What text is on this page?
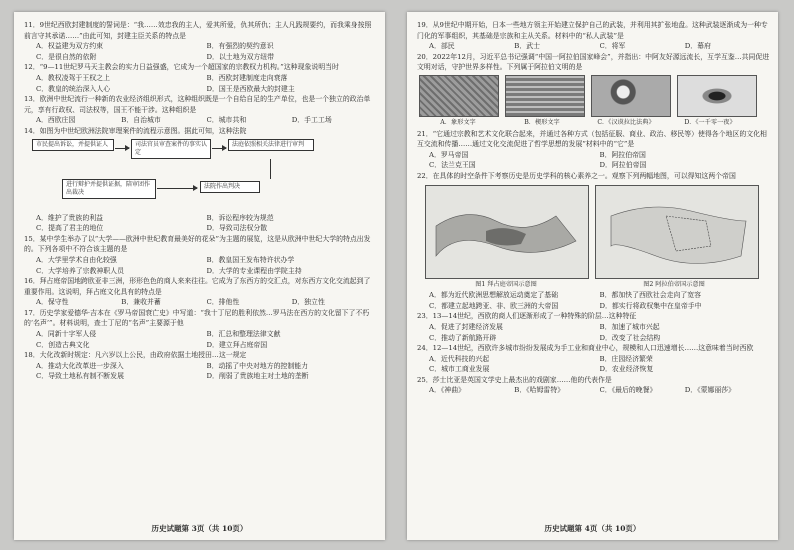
11．9世纪西欧封建制度的誓词是：“我……效忠我的主人，爱其所爱，仇其所仇；主人凡践规要约，而我乘身按照前言守其承诺……”由此可知，封建主臣关系的特点是

A．权益建为双方约束	B．有强烈的契约意识
C．是很自然的依附	D．以土地为双方纽带

12．“9—11世纪罗马天主教会的实力日益强盛，它成为一个超国家的宗教权力机构。”这种现象说明当时

A．教权凌驾于王权之上	B．西欧封建制度走向衰落
C．教皇的统治深入人心	D．国王是西欧最大的封建主

13．欧洲中世纪流行一种新的农业经济组织形式，这种组织既是一个自给自足的生产单位，也是一个独立的政治单元，享有行政权、司法权等，国王不能干涉。这种组织是

A．西欧庄园	B．自治城市	C．城市共和	D．手工工场

14．如图为中世纪欧洲法院审理案件的流程示意图。据此可知，这种法院

市民提出诉讼，并提供证人	司法官员审查案件的事实认定
法庭依照相关法律进行审判
进行辩护并提供证据，陪审团作出裁决
法院作出判决
A．维护了贵族的利益	B．诉讼程序较为规范
C．提高了君主的地位	D．导致司法权分散

15．某中学生举办了以“大学——欧洲中世纪教育最美好的花朵”为主题的展览，这是从欧洲中世纪大学的特点出发的。下列各项中不符合该主题的是

A．大学里学术自由化较强	B．教皇国王发布特许状办学
C．大学培养了宗教神职人员	D．大学的专业课程由学院主持

16．拜占庭帝国地跨欧亚非三洲，形形色色的商人来来往往。它成为了东西方的交汇点，对东西方文化交流起到了重要作用。这说明，拜占庭文化具有的特点是

A．保守性	B．兼收并蓄	C．排他性	D．独立性

17．历史学家爱德华·吉本在《罗马帝国衰亡史》中写道：“我十丁尼的胜利依然…罗马法在西方的文化留下了不朽的‘名声’”。材料说明，查士丁尼的“名声”主要源于他

A．同新十字军人侵	B．汇总和整理法律文献
C．创造古典文化	D．建立拜占庭帝国

18．大化改新时规定：凡六岁以上公民，由政府依据土地授田…这一规定

A．推动大化改革进一步深入	B．动摇了中央对地方的控制能力
C．导致土地私有制不断发展	D．削弱了贵族地主对土地的垄断
历史试题第 3页（共 10页）

19．从9世纪中期开始，日本一些地方领主开始建立保护自己的武装，并利用其扩张地盘。这种武装逐渐成为一种专门化的军事组织，其基础是宗族和主从关系。材料中的“私人武装”是

A．部民	B．武士	C．将军	D．幕府

20．2022年12月，习近平总书记强调“中国一阿拉伯国家峰会”，并指出：中阿友好源远流长，互学互鉴…共同促进文明对话，守护世界多样性。下列属于阿拉伯文明的是

A．象形文字	B．楔形文字	C．《汉谟拉比法典》	D．《一千零一夜》

21．“它通过宗教和艺术文化联合起来，并通过各种方式（包括征服、商业、政治、移民等）使得各个地区的文化相互交流和传播……通过文化交流促进了哲学思想的发展”材料中的“它”是

A．罗马帝国	B．阿拉伯帝国
C．法兰克王国	D．阿拉伯帝国

22．在具体的时空条件下考察历史是历史学科的核心素养之一。观察下列两幅地图，可以得知这两个帝国

图1 拜占庭帝国示意图	图2 阿拉伯帝国示意图
A．都为近代欧洲思想解放运动奠定了基础	B．都加快了西欧社会走向了宽容
C．都建立起地跨亚、非、欧三洲的大帝国	D．都实行将政权集中在皇帝手中

23．13—14世纪，西欧的商人们逐渐形成了一种特殊的阶层…这种特征

A．促进了封建经济发展	B．加速了城市兴起
C．推动了新航路开辟	D．改变了社会结构

24．12—14世纪，西欧许多城市纷纷发展成为手工业和商业中心，规模和人口迅速增长……这意味着当时西欧

A．近代科技的兴起	B．庄园经济繁荣
C．城市工商业发展	D．农业经济恢复

25．莎士比亚是英国文学史上最杰出的戏剧家……他的代表作是

A．《神曲》	B．《哈姆雷特》	C．《最后的晚餐》	D．《蒙娜丽莎》
历史试题第 4页（共 10页）
